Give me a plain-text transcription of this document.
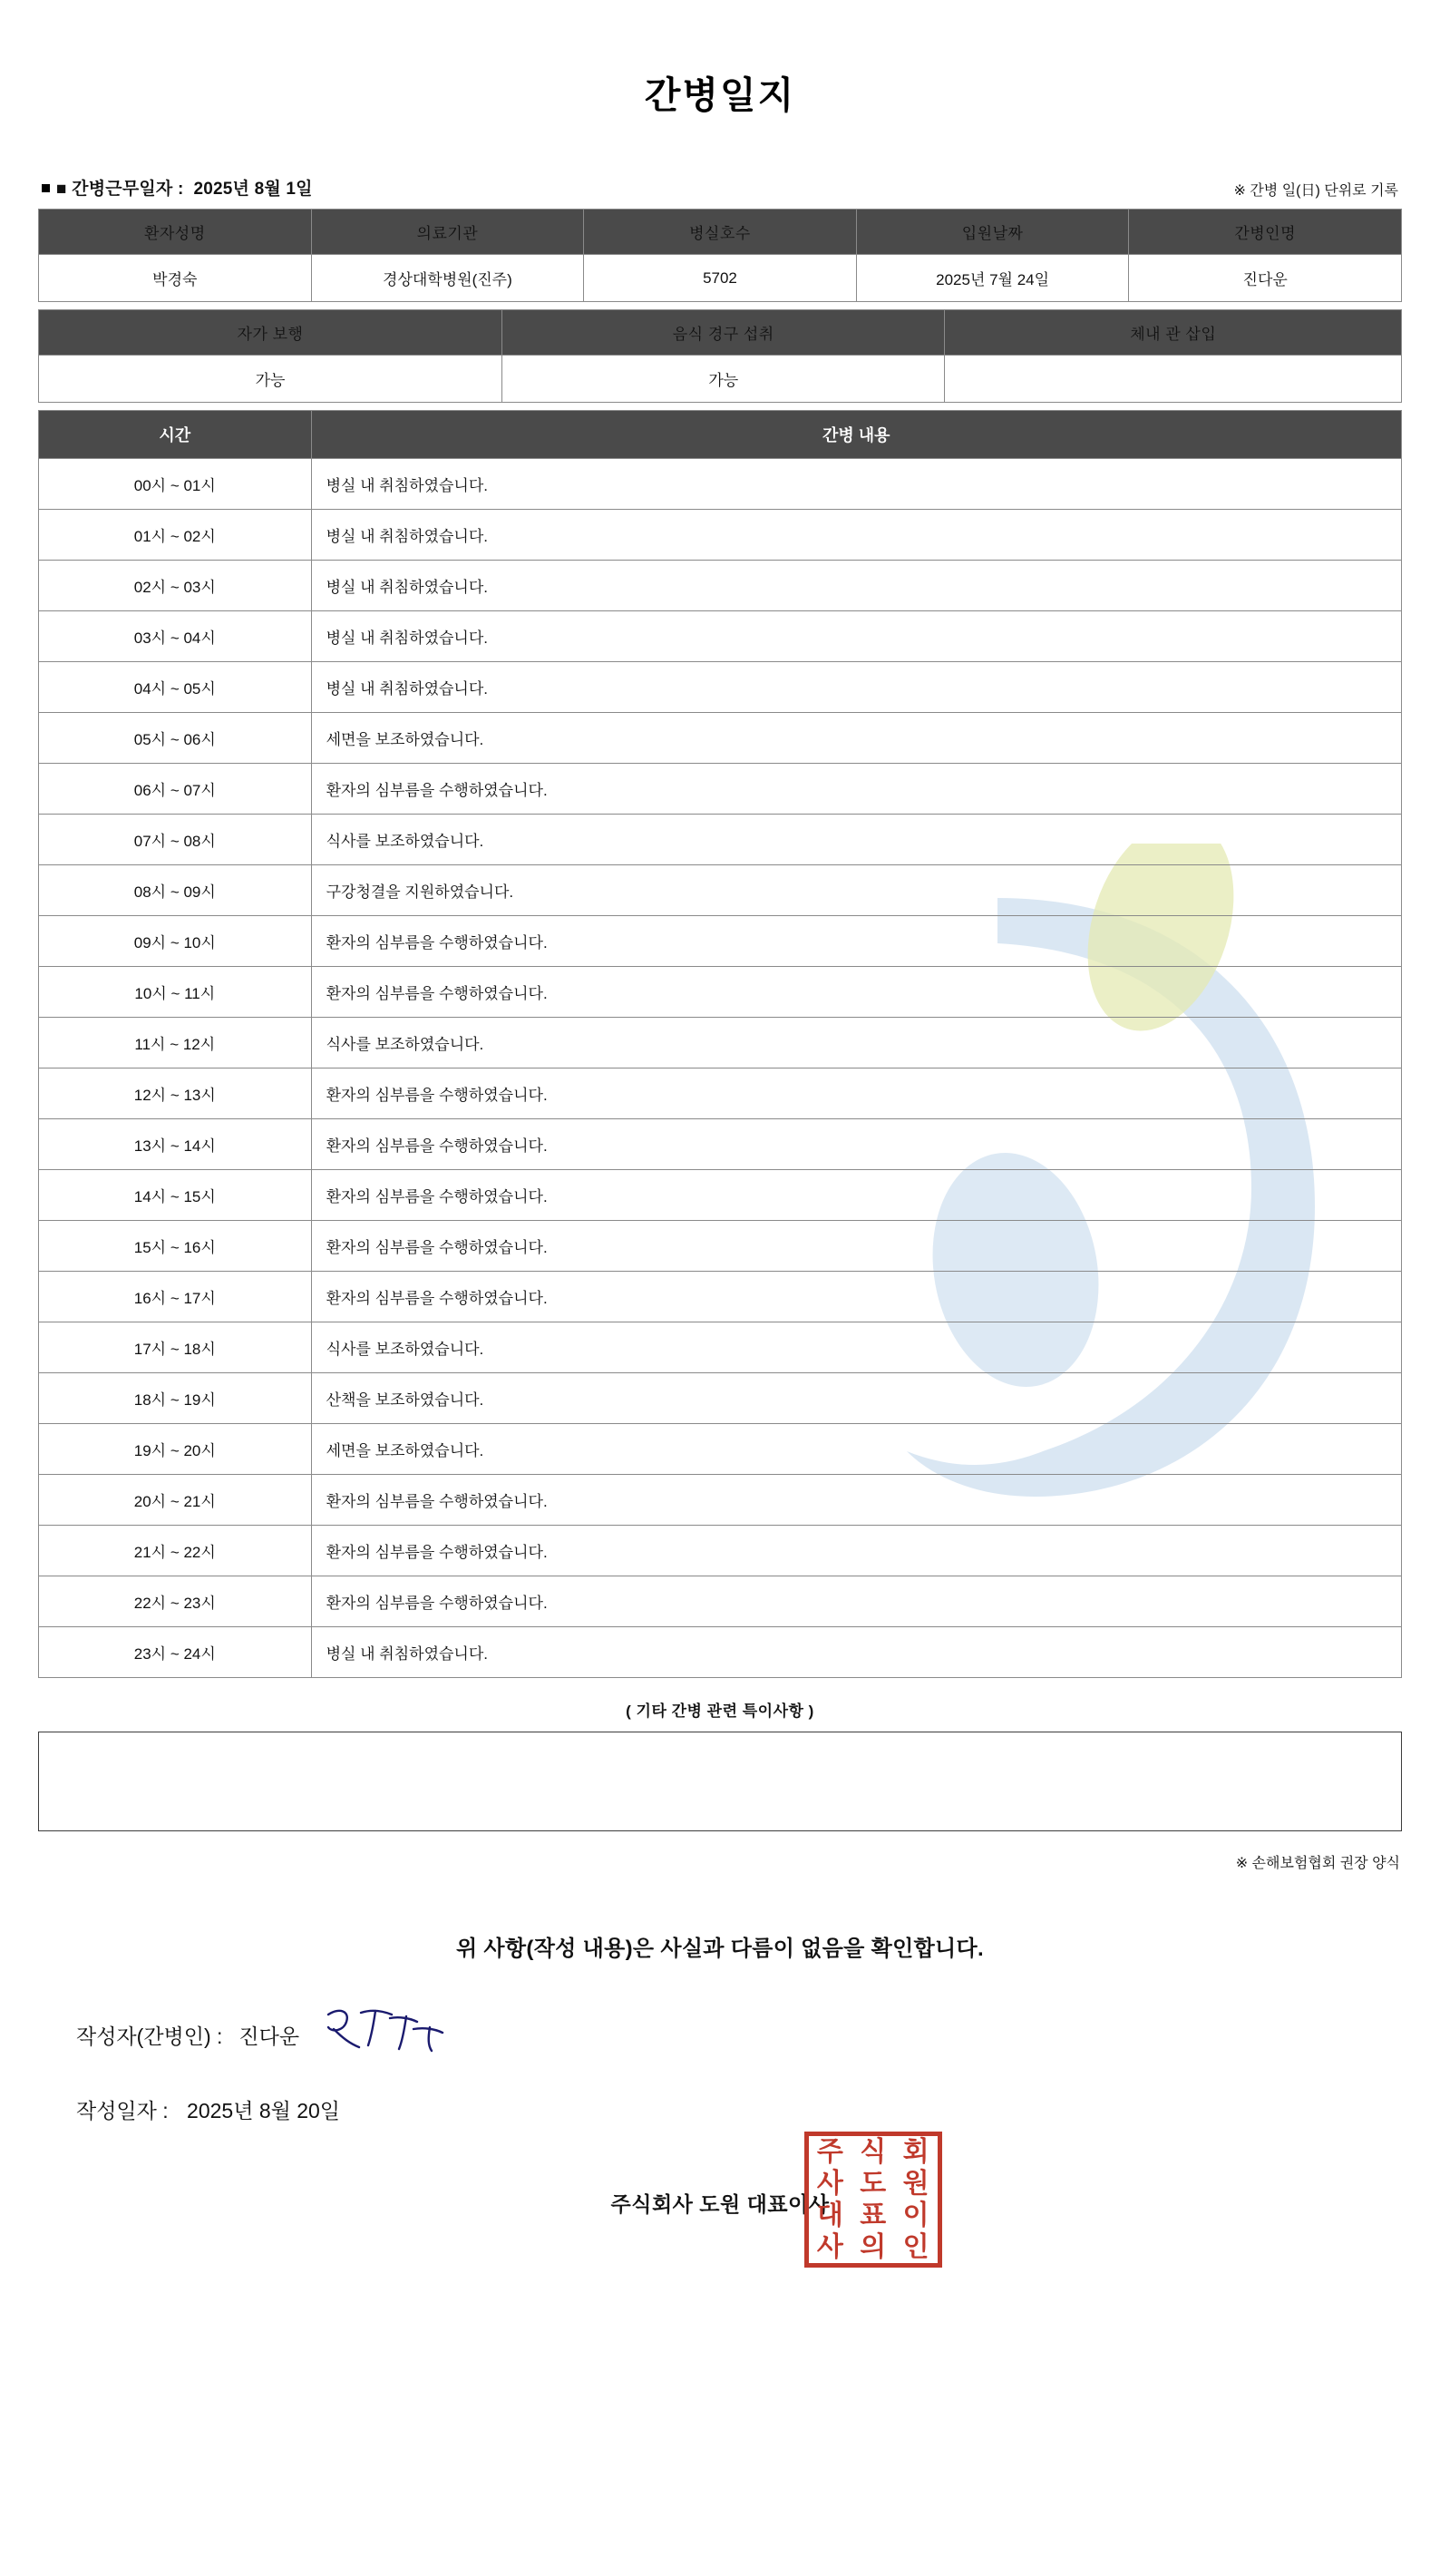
간병일지
■ 간병근무일자 : 2025년 8월 1일	※ 간병 일(日) 단위로 기록
환자성명	의료기관	병실호수	입원날짜	간병인명
박경숙	경상대학병원(진주)	5702	2025년 7월 24일	진다운
자가 보행	음식 경구 섭취	체내 관 삽입
가능	가능	
시간	간병 내용
00시 ~ 01시	병실 내 취침하였습니다.
01시 ~ 02시	병실 내 취침하였습니다.
02시 ~ 03시	병실 내 취침하였습니다.
03시 ~ 04시	병실 내 취침하였습니다.
04시 ~ 05시	병실 내 취침하였습니다.
05시 ~ 06시	세면을 보조하였습니다.
06시 ~ 07시	환자의 심부름을 수행하였습니다.
07시 ~ 08시	식사를 보조하였습니다.
08시 ~ 09시	구강청결을 지원하였습니다.
09시 ~ 10시	환자의 심부름을 수행하였습니다.
10시 ~ 11시	환자의 심부름을 수행하였습니다.
11시 ~ 12시	식사를 보조하였습니다.
12시 ~ 13시	환자의 심부름을 수행하였습니다.
13시 ~ 14시	환자의 심부름을 수행하였습니다.
14시 ~ 15시	환자의 심부름을 수행하였습니다.
15시 ~ 16시	환자의 심부름을 수행하였습니다.
16시 ~ 17시	환자의 심부름을 수행하였습니다.
17시 ~ 18시	식사를 보조하였습니다.
18시 ~ 19시	산책을 보조하였습니다.
19시 ~ 20시	세면을 보조하였습니다.
20시 ~ 21시	환자의 심부름을 수행하였습니다.
21시 ~ 22시	환자의 심부름을 수행하였습니다.
22시 ~ 23시	환자의 심부름을 수행하였습니다.
23시 ~ 24시	병실 내 취침하였습니다.
( 기타 간병 관련 특이사항 )
※ 손해보험협회 권장 양식
위 사항(작성 내용)은 사실과 다름이 없음을 확인합니다.
작성자(간병인) : 진다운
작성일자 : 2025년 8월 20일
주식회사 도원 대표이사
주 식 회
사 도 원
대 표 이
사 의 인
